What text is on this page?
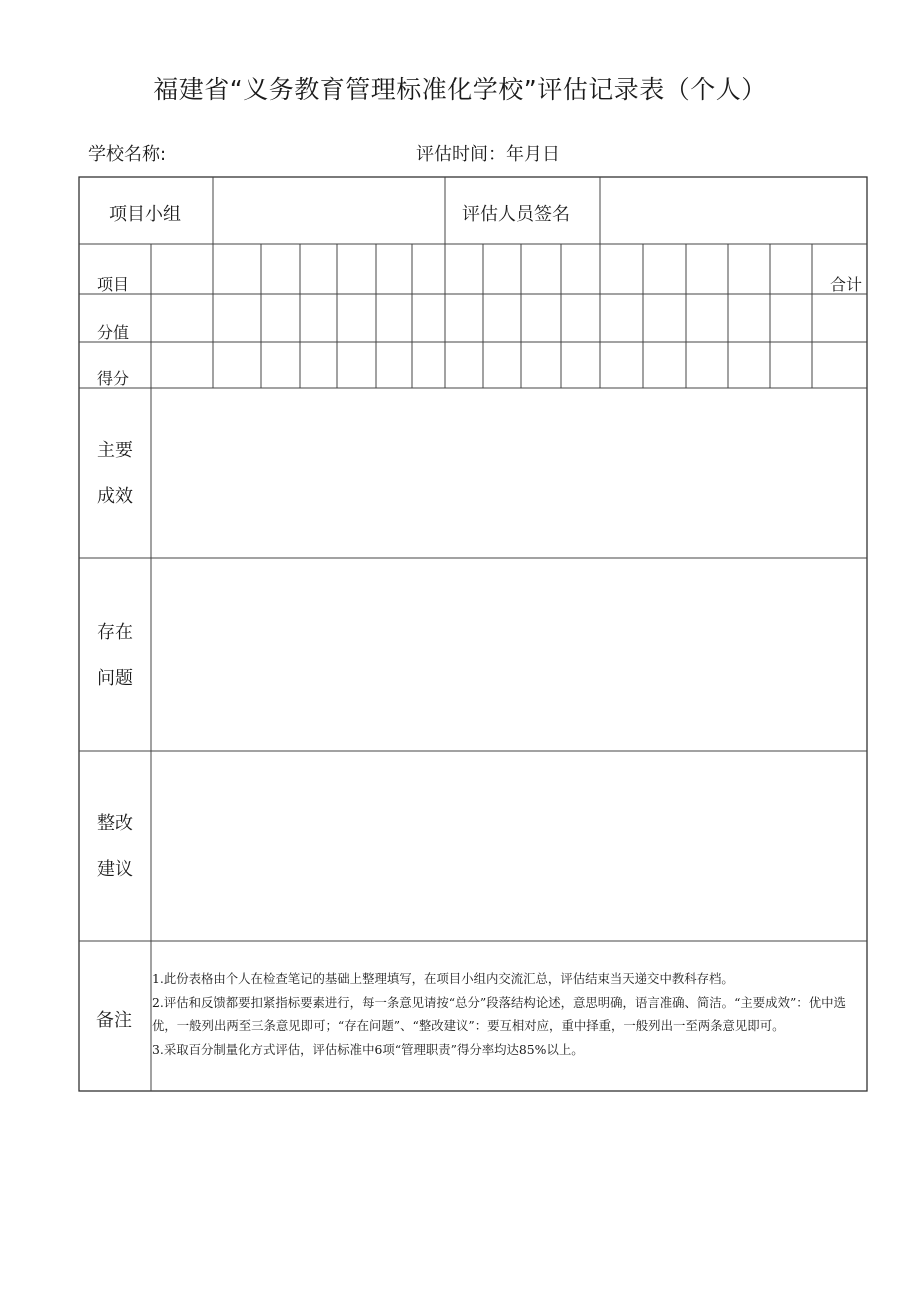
福建省“义务教育管理标准化学校”评估记录表（个人）
学校名称:	评估时间：年月日
项目小组	评估人员签名
项目
分值
得分
合计
主要
成效
存在
问题
整改
建议
备注

1.此份表格由个人在检查笔记的基础上整理填写，在项目小组内交流汇总，评估结束当天递交中教科存档。

2.评估和反馈都要扣紧指标要素进行，每一条意见请按“总分”段落结构论述，意思明确，语言准确、简洁。“主要成效”：优中选优，一般列出两至三条意见即可；“存在问题”、“整改建议”：要互相对应，重中择重，一般列出一至两条意见即可。

3.采取百分制量化方式评估，评估标准中6项“管理职责”得分率均达85%以上。
